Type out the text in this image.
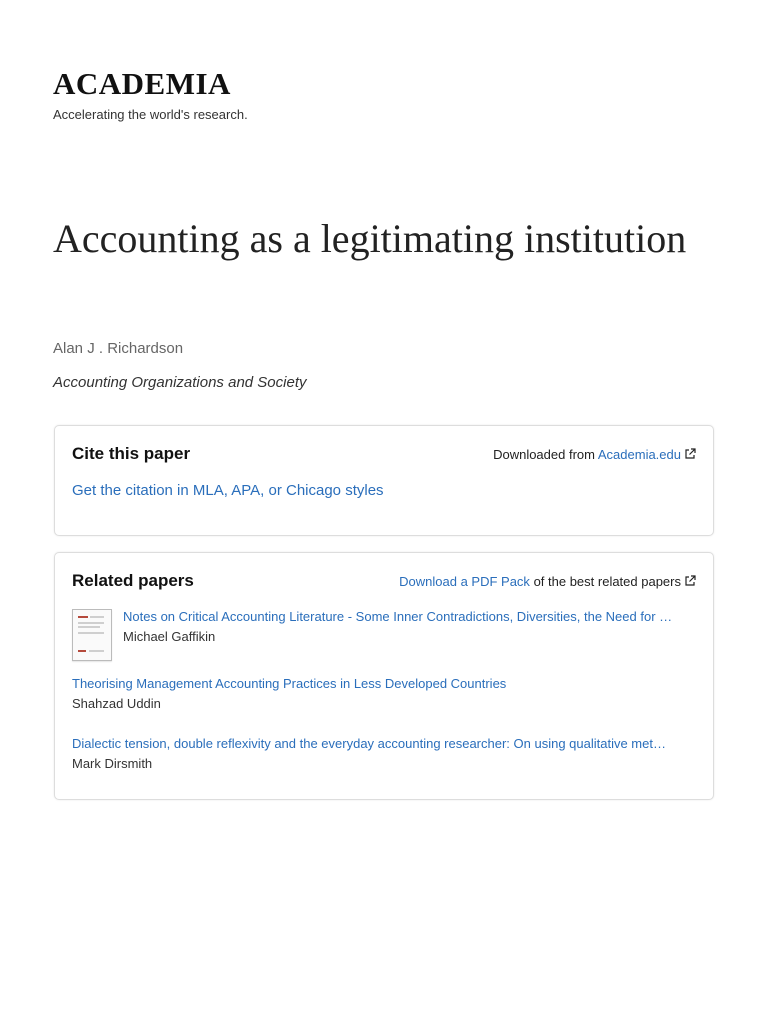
ACADEMIA
Accelerating the world's research.
Accounting as a legitimating institution
Alan J . Richardson
Accounting Organizations and Society
Cite this paper	Downloaded from Academia.edu
Get the citation in MLA, APA, or Chicago styles
Related papers	Download a PDF Pack of the best related papers
Notes on Critical Accounting Literature - Some Inner Contradictions, Diversities, the Need for …
Michael Gaffikin
Theorising Management Accounting Practices in Less Developed Countries
Shahzad Uddin
Dialectic tension, double reflexivity and the everyday accounting researcher: On using qualitative met…
Mark Dirsmith
